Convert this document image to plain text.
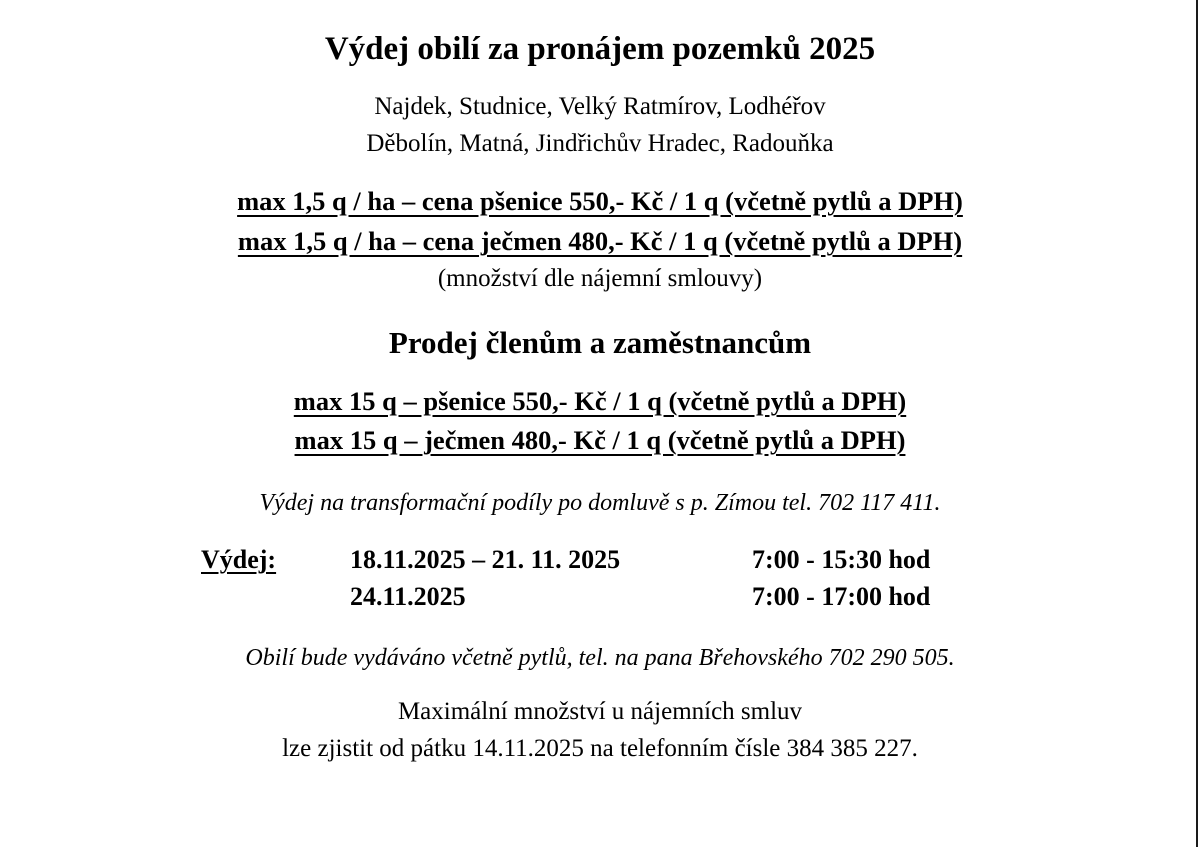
Výdej obilí za pronájem pozemků 2025
Najdek, Studnice, Velký Ratmírov, Lodhéřov
Děbolín, Matná, Jindřichův Hradec, Radouňka
max 1,5 q / ha – cena pšenice 550,- Kč / 1 q (včetně pytlů a DPH)
max 1,5 q / ha – cena ječmen 480,- Kč / 1 q (včetně pytlů a DPH)
(množství dle nájemní smlouvy)
Prodej členům a zaměstnancům
max 15 q – pšenice 550,- Kč / 1 q (včetně pytlů a DPH)
max 15 q – ječmen 480,- Kč / 1 q (včetně pytlů a DPH)
Výdej na transformační podíly po domluvě s p. Zímou tel. 702 117 411.
Výdej:	18.11.2025 – 21. 11. 2025	7:00 - 15:30 hod
24.11.2025	7:00 - 17:00 hod
Obilí bude vydáváno včetně pytlů, tel. na pana Břehovského 702 290 505.
Maximální množství u nájemních smluv
lze zjistit od pátku 14.11.2025 na telefonním čísle 384 385 227.
